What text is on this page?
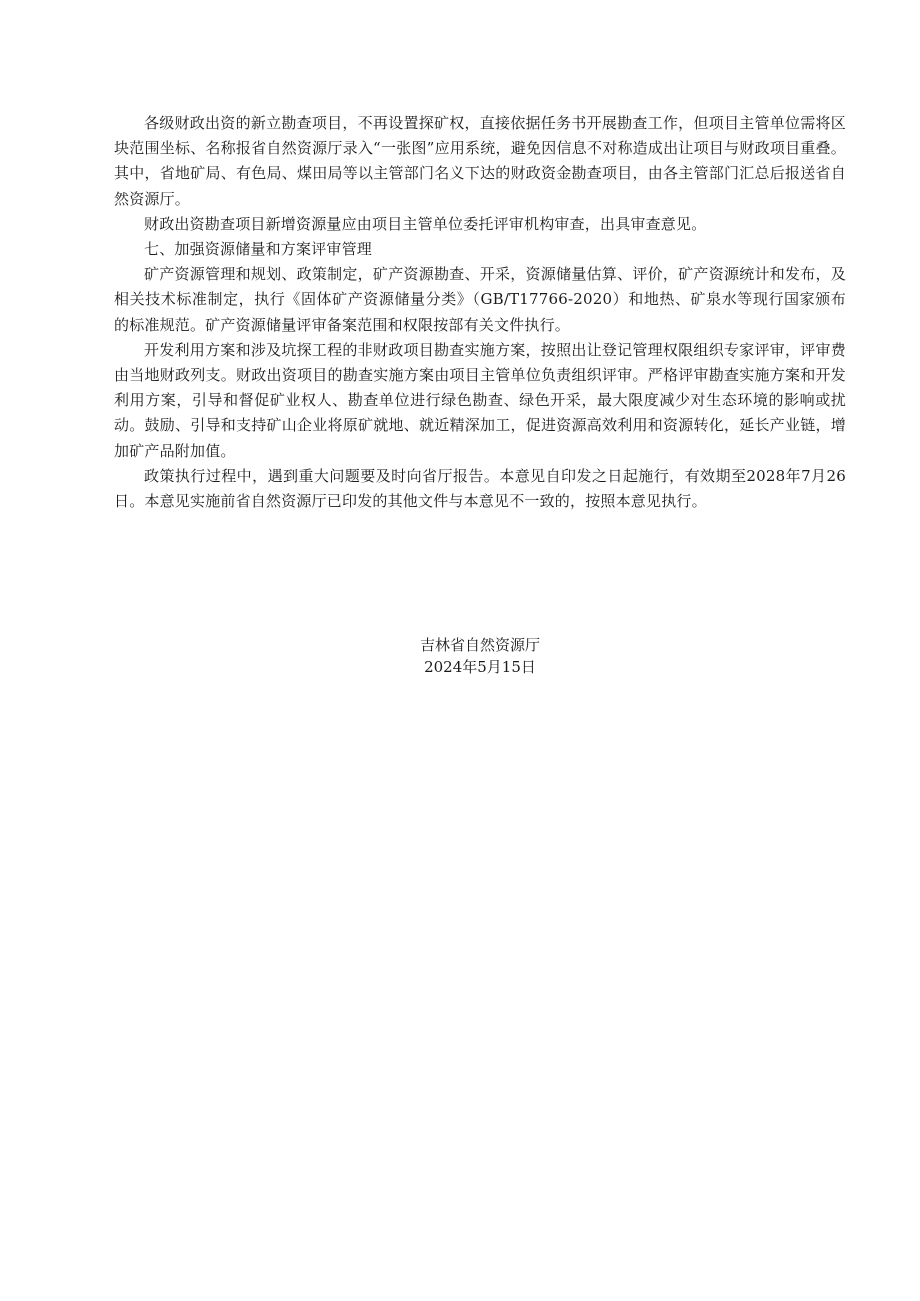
各级财政出资的新立勘查项目，不再设置探矿权，直接依据任务书开展勘查工作，但项目主管单位需将区块范围坐标、名称报省自然资源厅录入“一张图”应用系统，避免因信息不对称造成出让项目与财政项目重叠。其中，省地矿局、有色局、煤田局等以主管部门名义下达的财政资金勘查项目，由各主管部门汇总后报送省自然资源厅。

财政出资勘查项目新增资源量应由项目主管单位委托评审机构审查，出具审查意见。

七、加强资源储量和方案评审管理

矿产资源管理和规划、政策制定，矿产资源勘查、开采，资源储量估算、评价，矿产资源统计和发布，及相关技术标准制定，执行《固体矿产资源储量分类》（GB/T17766-2020）和地热、矿泉水等现行国家颁布的标准规范。矿产资源储量评审备案范围和权限按部有关文件执行。

开发利用方案和涉及坑探工程的非财政项目勘查实施方案，按照出让登记管理权限组织专家评审，评审费由当地财政列支。财政出资项目的勘查实施方案由项目主管单位负责组织评审。严格评审勘查实施方案和开发利用方案，引导和督促矿业权人、勘查单位进行绿色勘查、绿色开采，最大限度减少对生态环境的影响或扰动。鼓励、引导和支持矿山企业将原矿就地、就近精深加工，促进资源高效利用和资源转化，延长产业链，增加矿产品附加值。

政策执行过程中，遇到重大问题要及时向省厅报告。本意见自印发之日起施行，有效期至2028年7月26日。本意见实施前省自然资源厅已印发的其他文件与本意见不一致的，按照本意见执行。

吉林省自然资源厅
2024年5月15日
